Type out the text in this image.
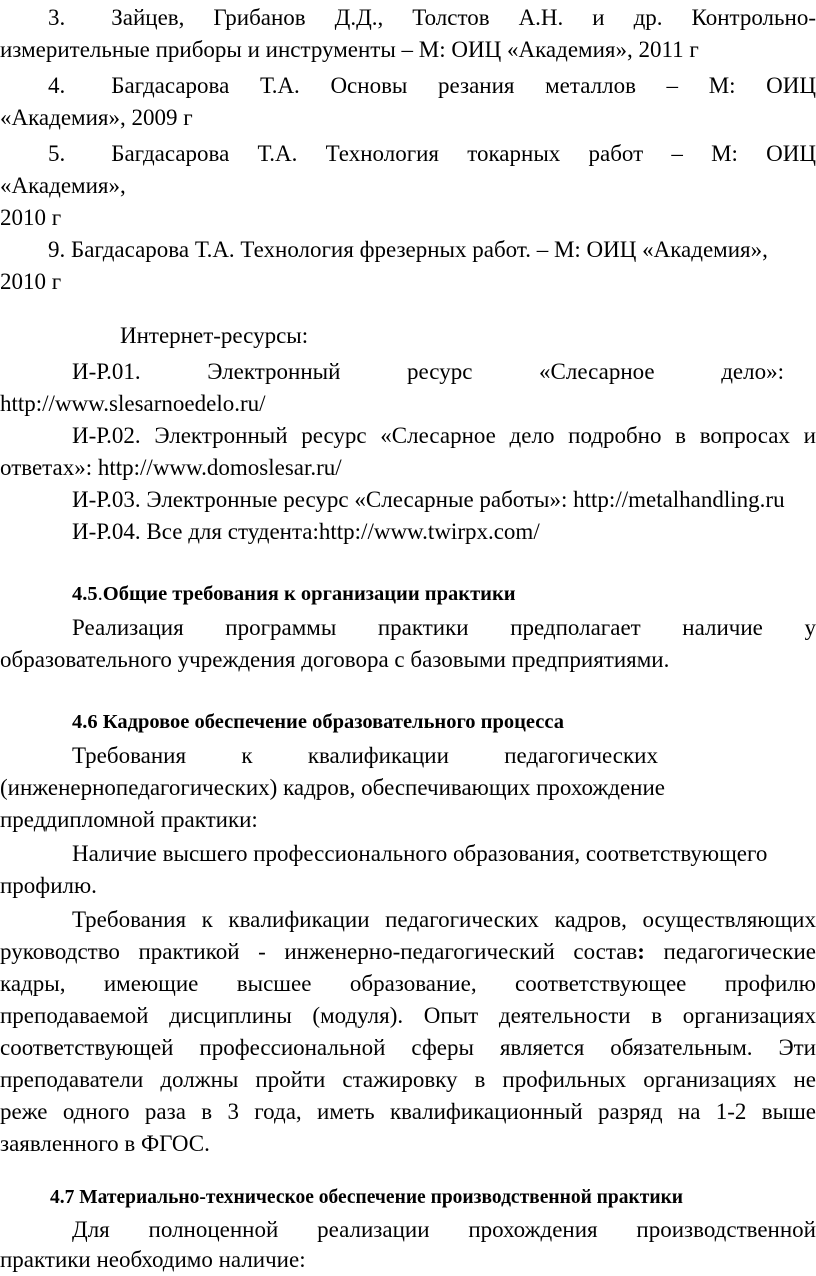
3.  Зайцев, Грибанов Д.Д., Толстов А.Н. и др. Контрольно-
измерительные приборы и инструменты – М: ОИЦ «Академия», 2011 г
4.  Багдасарова Т.А. Основы резания металлов – М: ОИЦ
«Академия», 2009 г
5.  Багдасарова Т.А. Технология токарных работ – М: ОИЦ
«Академия»,
2010 г
9. Багдасарова Т.А. Технология фрезерных работ. – М: ОИЦ «Академия»,
2010 г
Интернет-ресурсы:
И-Р.01. Электронный ресурс «Слесарное дело»:
http://www.slesarnoedelo.ru/
И-Р.02. Электронный ресурс «Слесарное дело подробно в вопросах и
ответах»: http://www.domoslesar.ru/
И-Р.03. Электронные ресурс «Слесарные работы»: http://metalhandling.ru
И-Р.04. Все для студента:http://www.twirpx.com/
4.5.Общие требования к организации практики
Реализация программы практики предполагает наличие у
образовательного учреждения договора с базовыми предприятиями.
4.6 Кадровое обеспечение образовательного процесса
Требования к квалификации педагогических
(инженернопедагогических) кадров, обеспечивающих прохождение
преддипломной практики:
Наличие высшего профессионального образования, соответствующего
профилю.
Требования к квалификации педагогических кадров, осуществляющих
руководство практикой - инженерно-педагогический состав: педагогические
кадры, имеющие высшее образование, соответствующее профилю
преподаваемой дисциплины (модуля). Опыт деятельности в организациях
соответствующей профессиональной сферы является обязательным. Эти
преподаватели должны пройти стажировку в профильных организациях не
реже одного раза в 3 года, иметь квалификационный разряд на 1-2 выше
заявленного в ФГОС.
4.7 Материально-техническое обеспечение производственной практики
Для полноценной реализации прохождения производственной
практики необходимо наличие:
